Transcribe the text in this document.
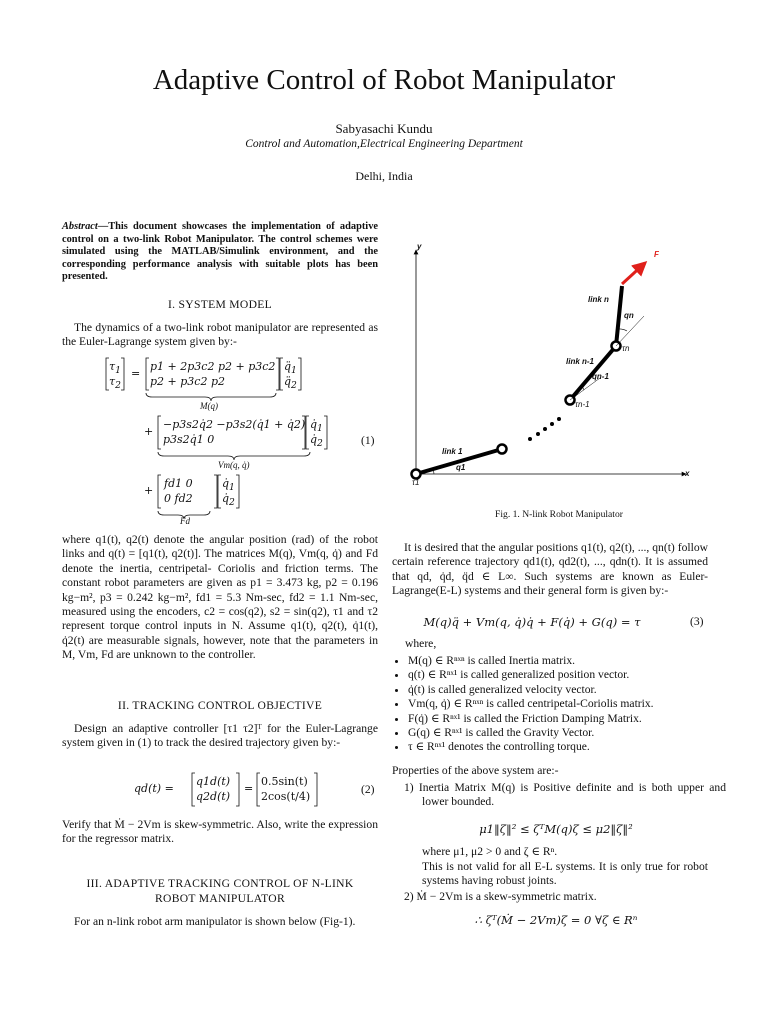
Adaptive Control of Robot Manipulator
Sabyasachi Kundu
Control and Automation,Electrical Engineering Department
Delhi, India
Abstract—This document showcases the implementation of adaptive control on a two-link Robot Manipulator. The control schemes were simulated using the MATLAB/Simulink environment, and the corresponding performance analysis with suitable plots has been presented.
I. SYSTEM MODEL
The dynamics of a two-link robot manipulator are represented as the Euler-Lagrange system given by:-
$\tau_1$
$\tau_2$
=
p1 + 2p3c2 p2 + p3c2
p2 + p3c2 p2
$q̈_1$
$q̈_2$
M(q)
+
−p3s2q̇2 −p3s2(q̇1 + q̇2)
p3s2q̇1 0
$q̇_1$
$q̇_2$
Vm(q, q̇)
(1)
+
fd1 0
0 fd2
$q̇_1$
$q̇_2$
Fd
where q1(t), q2(t) denote the angular position (rad) of the robot links and q(t) = [q1(t), q2(t)]. The matrices M(q), Vm(q, q̇) and Fd denote the inertia, centripetal- Coriolis and friction terms. The constant robot parameters are given as p1 = 3.473 kg, p2 = 0.196 kg−m², p3 = 0.242 kg−m², fd1 = 5.3 Nm-sec, fd2 = 1.1 Nm-sec, measured using the encoders, c2 = cos(q2), s2 = sin(q2), τ1 and τ2 represent torque control inputs in N. Assume q1(t), q2(t), q̇1(t), q̇2(t) are measurable signals, however, note that the parameters in M, Vm, Fd are unknown to the controller.
II. TRACKING CONTROL OBJECTIVE
Design an adaptive controller [τ1 τ2]ᵀ for the Euler-Lagrange system given in (1) to track the desired trajectory given by:-
qd(t) =
q1d(t)
q2d(t)
=
0.5sin(t)
2cos(t/4)
(2)
Verify that Ṁ − 2Vm is skew-symmetric. Also, write the expression for the regressor matrix.
III. ADAPTIVE TRACKING CONTROL OF N-LINK
ROBOT MANIPULATOR
For an n-link robot arm manipulator is shown below (Fig-1).
y
x
F
link n
qn
τn
link n-1
qn-1
τn-1
link 1
q1
τ1
Fig. 1. N-link Robot Manipulator
It is desired that the angular positions q1(t), q2(t), ..., qn(t) follow certain reference trajectory qd1(t), qd2(t), ..., qdn(t). It is assumed that qd, q̇d, q̈d ∈ L∞. Such systems are known as Euler-Lagrange(E-L) systems and their general form is given by:-
M(q)q̈ + Vm(q, q̇)q̇ + F(q̇) + G(q) = τ	(3)
where,
• M(q) ∈ Rⁿˣⁿ is called Inertia matrix.
• q(t) ∈ Rⁿˣ¹ is called generalized position vector.
• q̇(t) is called generalized velocity vector.
• Vm(q, q̇) ∈ Rⁿˣⁿ is called centripetal-Coriolis matrix.
• F(q̇) ∈ Rⁿˣ¹ is called the Friction Damping Matrix.
• G(q) ∈ Rⁿˣ¹ is called the Gravity Vector.
• τ ∈ Rⁿˣ¹ denotes the controlling torque.
Properties of the above system are:-
1) Inertia Matrix M(q) is Positive definite and is both upper and lower bounded.
μ1‖ζ‖² ≤ ζᵀM(q)ζ ≤ μ2‖ζ‖²
where μ1, μ2 > 0 and ζ ∈ Rⁿ.
This is not valid for all E-L systems. It is only true for robot systems having robust joints.
2) Ṁ − 2Vm is a skew-symmetric matrix.
∴ ζᵀ(Ṁ − 2Vm)ζ = 0 ∀ζ ∈ Rⁿ
